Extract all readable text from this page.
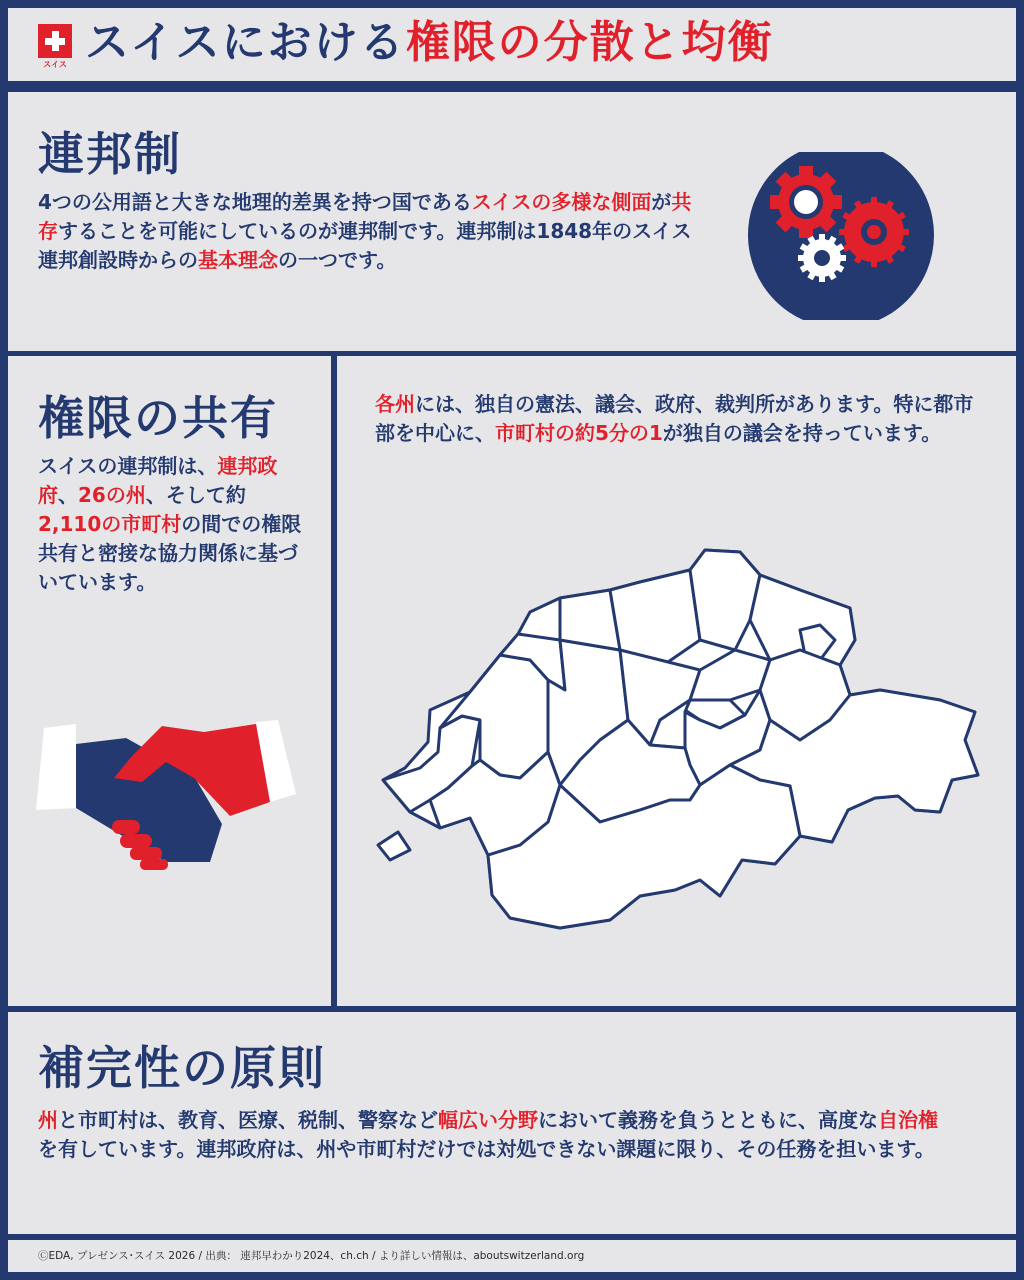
スイス スイスにおける権限の分散と均衡
連邦制
4つの公用語と大きな地理的差異を持つ国であるスイスの多様な側面が共存することを可能にしているのが連邦制です。連邦制は1848年のスイス連邦創設時からの基本理念の一つです。
権限の共有
スイスの連邦制は、連邦政府、26の州、そして約2,110の市町村の間での権限共有と密接な協力関係に基づいています。
各州には、独自の憲法、議会、政府、裁判所があります。特に都市部を中心に、市町村の約5分の1が独自の議会を持っています。
補完性の原則
州と市町村は、教育、医療、税制、警察など幅広い分野において義務を負うとともに、高度な自治権を有しています。連邦政府は、州や市町村だけでは対処できない課題に限り、その任務を担います。
ⒸEDA, プレゼンス･スイス 2026 / 出典： 連邦早わかり2024、ch.ch / より詳しい情報は、aboutswitzerland.org
